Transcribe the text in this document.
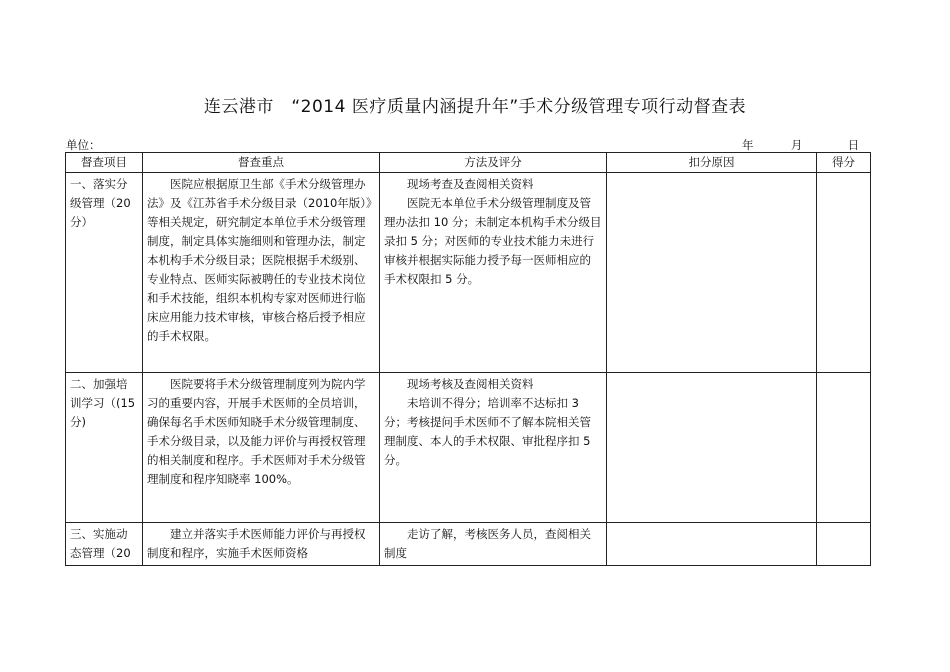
连云港市　“2014 医疗质量内涵提升年”手术分级管理专项行动督查表
单位：	年	月	日
督查项目	督查重点	方法及评分	扣分原因	得分
一、落实分级管理（20分）	医院应根据原卫生部《手术分级管理办法》及《江苏省手术分级目录（2010年版）》等相关规定，研究制定本单位手术分级管理制度，制定具体实施细则和管理办法，制定本机构手术分级目录；医院根据手术级别、专业特点、医师实际被聘任的专业技术岗位和手术技能，组织本机构专家对医师进行临床应用能力技术审核，审核合格后授予相应的手术权限。	现场考查及查阅相关资料
医院无本单位手术分级管理制度及管理办法扣 10 分；未制定本机构手术分级目录扣 5 分；对医师的专业技术能力未进行审核并根据实际能力授予每一医师相应的手术权限扣 5 分。		

二、加强培训学习（(15分)	医院要将手术分级管理制度列为院内学习的重要内容，开展手术医师的全员培训，确保每名手术医师知晓手术分级管理制度、手术分级目录，以及能力评价与再授权管理的相关制度和程序。手术医师对手术分级管理制度和程序知晓率 100%。	现场考核及查阅相关资料
未培训不得分；培训率不达标扣 3 分；考核提问手术医师不了解本院相关管理制度、本人的手术权限、审批程序扣 5 分。		

三、实施动态管理（20	建立并落实手术医师能力评价与再授权制度和程序，实施手术医师资格	走访了解，考核医务人员，查阅相关制度		
